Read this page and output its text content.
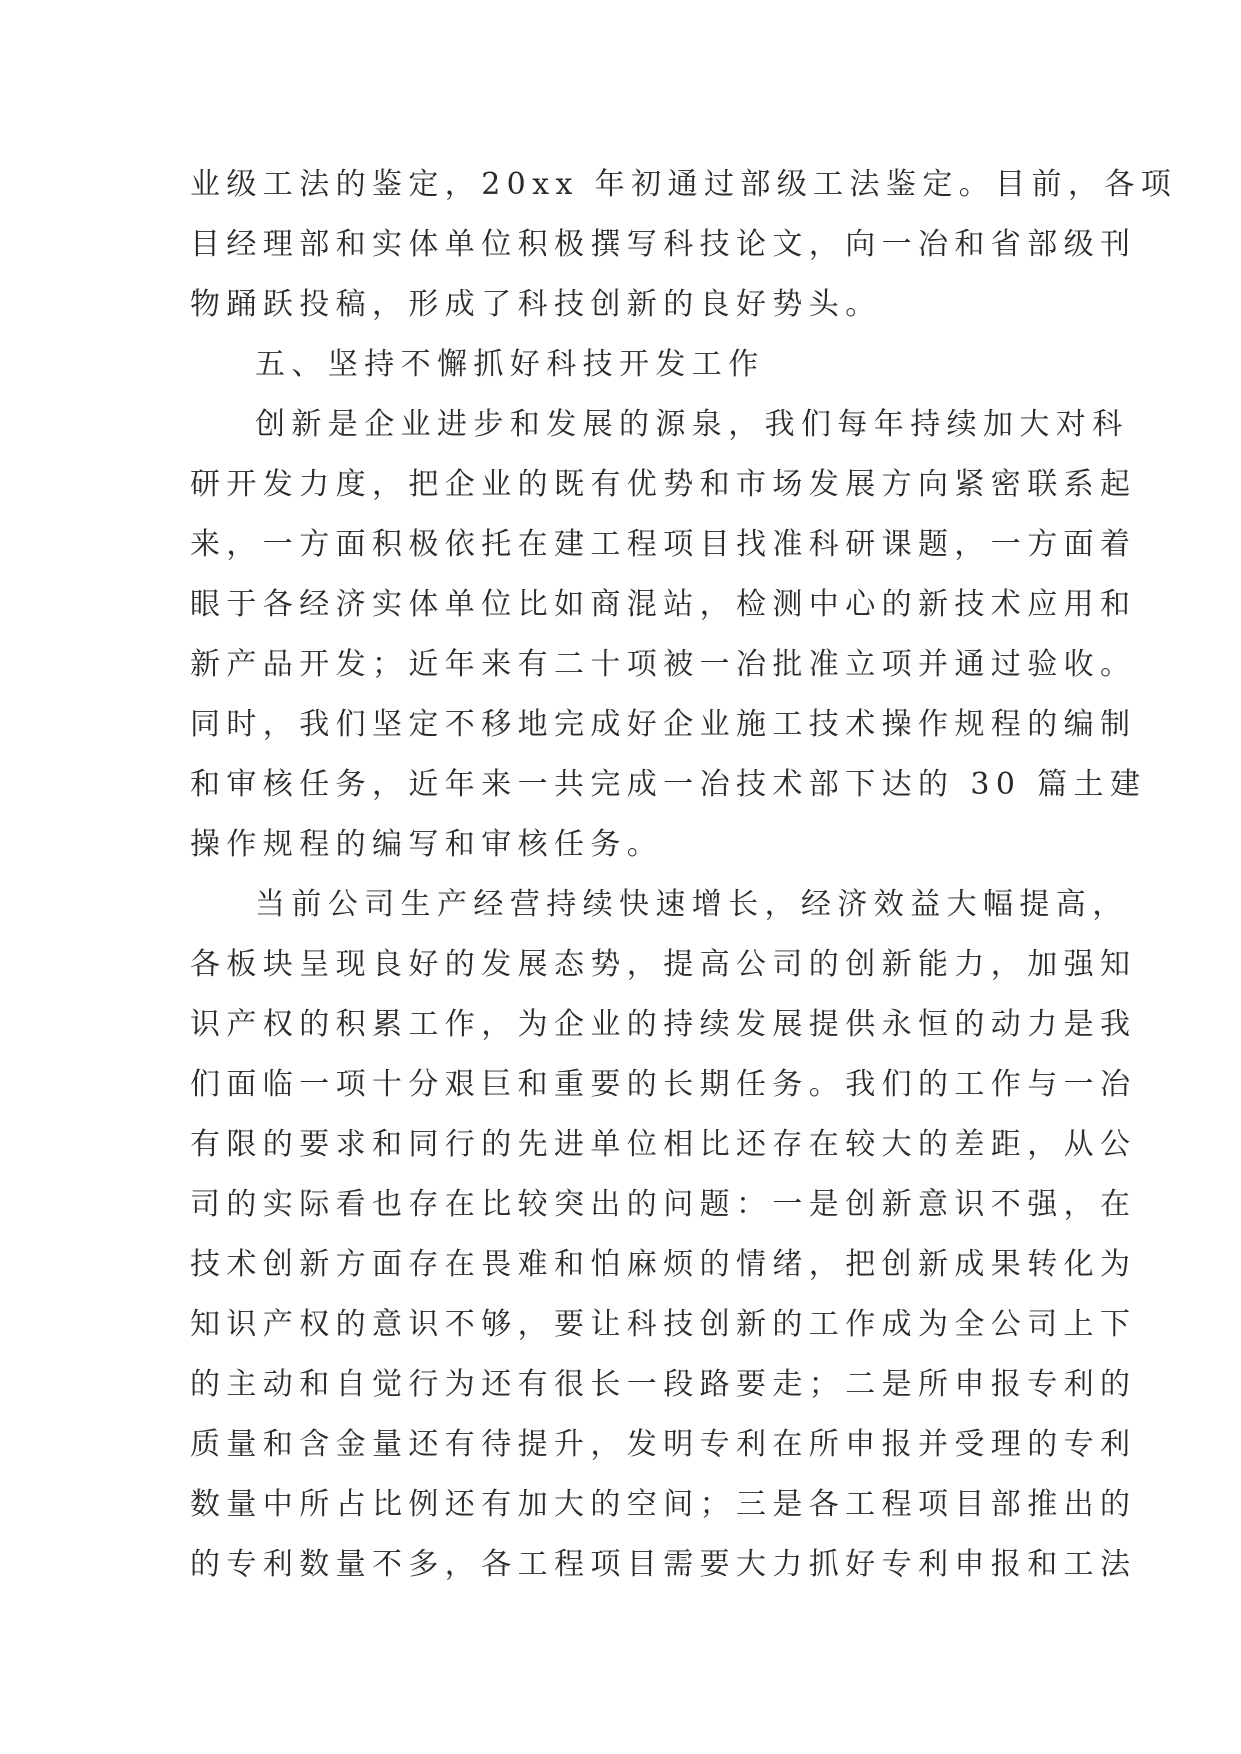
业级工法的鉴定，20xx 年初通过部级工法鉴定。目前，各项
目经理部和实体单位积极撰写科技论文，向一冶和省部级刊
物踊跃投稿，形成了科技创新的良好势头。
五、坚持不懈抓好科技开发工作
创新是企业进步和发展的源泉，我们每年持续加大对科
研开发力度，把企业的既有优势和市场发展方向紧密联系起
来，一方面积极依托在建工程项目找准科研课题，一方面着
眼于各经济实体单位比如商混站，检测中心的新技术应用和
新产品开发；近年来有二十项被一冶批准立项并通过验收。
同时，我们坚定不移地完成好企业施工技术操作规程的编制
和审核任务，近年来一共完成一冶技术部下达的 30 篇土建
操作规程的编写和审核任务。
当前公司生产经营持续快速增长，经济效益大幅提高，
各板块呈现良好的发展态势，提高公司的创新能力，加强知
识产权的积累工作，为企业的持续发展提供永恒的动力是我
们面临一项十分艰巨和重要的长期任务。我们的工作与一冶
有限的要求和同行的先进单位相比还存在较大的差距，从公
司的实际看也存在比较突出的问题：一是创新意识不强，在
技术创新方面存在畏难和怕麻烦的情绪，把创新成果转化为
知识产权的意识不够，要让科技创新的工作成为全公司上下
的主动和自觉行为还有很长一段路要走；二是所申报专利的
质量和含金量还有待提升，发明专利在所申报并受理的专利
数量中所占比例还有加大的空间；三是各工程项目部推出的
的专利数量不多，各工程项目需要大力抓好专利申报和工法
